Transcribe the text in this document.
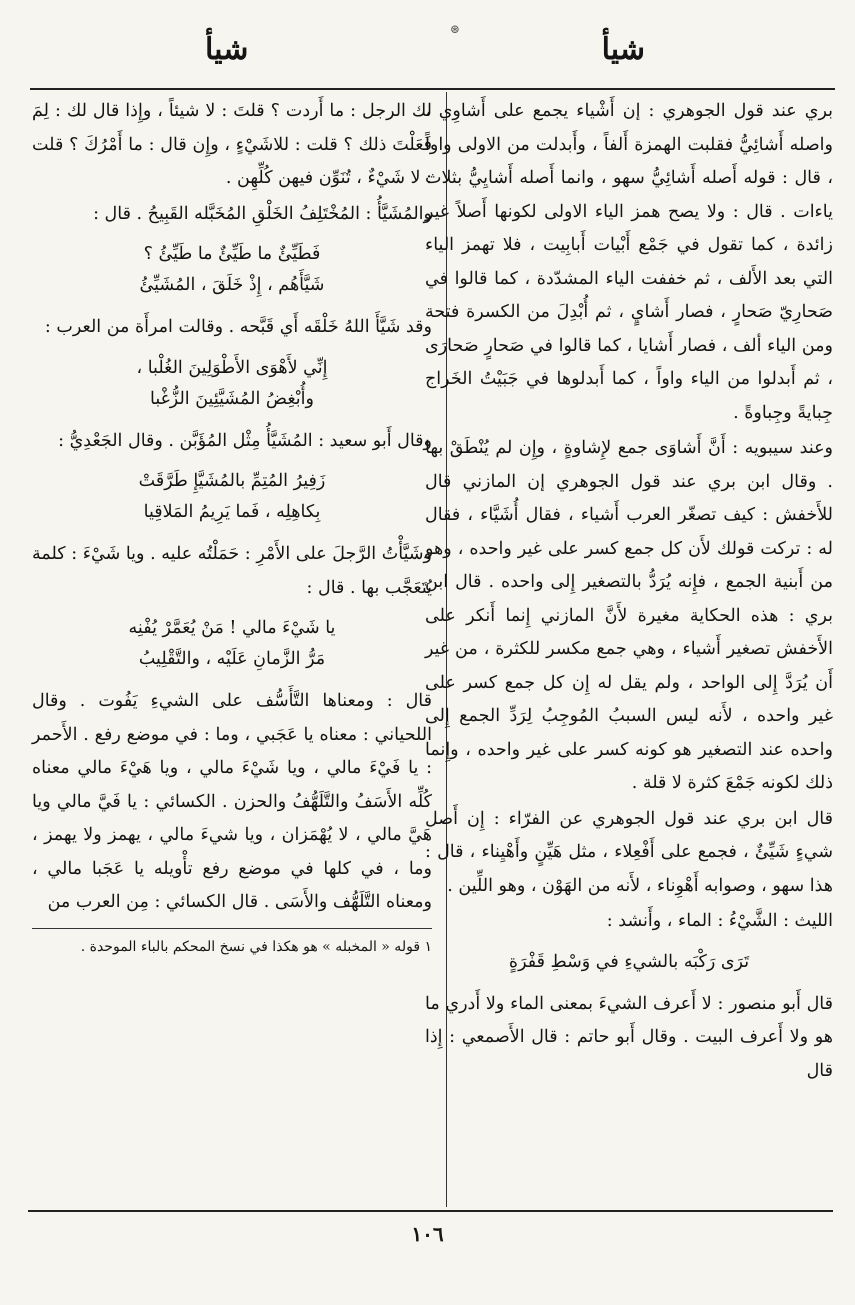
شيأ
⊛
شيأ

بري عند قول الجوهري : إن أَشْياء يجمع على أَشاوِي ، واصله أَشائِيُّ فقلبت الهمزة أَلفاً ، وأَبدلت من الاولى واواً ، قال : قوله أَصله أَشائِيُّ سهو ، وانما أَصله أَشايِيُّ بثلاث ياءات . قال : ولا يصح همز الياء الاولى لكونها أَصلاً غير زائدة ، كما تقول في جَمْع أَبْيات أَبابِيت ، فلا تهمز الياء التي بعد الأَلف ، ثم خففت الياء المشدّدة ، كما قالوا في صَحارِيّ صَحارٍ ، فصار أَشايٍ ، ثم أُبْدِلَ من الكسرة فتحة ومن الياء ألف ، فصار أَشايا ، كما قالوا في صَحارٍ صَحارَى ، ثم أَبدلوا من الياء واواً ، كما أَبدلوها في جَبَيْتُ الخَراج جِبايةً وجِباوةً .

وعند سيبويه : أَنَّ أَشاوَى جمع لإِشاوةٍ ، وإِن لم يُنْطَقْ بها . وقال ابن بري عند قول الجوهري إن المازني قال للأَخفش : كيف تصغّر العرب أَشياء ، فقال أُشَيَّاء ، فقال له : تركت قولك لأَن كل جمع كسر على غير واحده ، وهو من أَبنية الجمع ، فإِنه يُرَدُّ بالتصغير إِلى واحده . قال ابن بري : هذه الحكاية مغيرة لأَنَّ المازني إِنما أَنكر على الأَخفش تصغير أَشياء ، وهي جمع مكسر للكثرة ، من غير أَن يُرَدَّ إِلى الواحد ، ولم يقل له إِن كل جمع كسر على غير واحده ، لأَنه ليس السببُ المُوجِبُ لِرَدِّ الجمع إِلى واحده عند التصغير هو كونه كسر على غير واحده ، وإِنما ذلك لكونه جَمْعَ كثرة لا قلة .

قال ابن بري عند قول الجوهري عن الفرّاء : إِن أَصل شيءٍ شَيِّئٌ ، فجمع على أَفْعِلاء ، مثل هَيِّنٍ وأَهْيِناء ، قال : هذا سهو ، وصوابه أَهْوِناء ، لأَنه من الهَوْن ، وهو اللِّين .

الليث : الشَّيْءُ : الماء ، وأَنشد :

تَرَى رَكْبَه بالشيءِ في وَسْطِ قَفْرَةٍ

قال أَبو منصور : لا أَعرف الشيءَ بمعنى الماء ولا أَدري ما هو ولا أَعرف البيت . وقال أَبو حاتم : قال الأَصمعي : إِذا قال

لك الرجل : ما أَردت ؟ قلتَ : لا شيئاً ، وإِذا قال لك : لِمَ فَعَلْتَ ذلك ؟ قلت : للاشَيْءٍ ، وإِن قال : ما أَمْرُكَ ؟ قلت : لا شَيْءٌ ، تُنَوِّن فيهن كُلِّهِن .

والمُشَيَّأُ : المُخْتَلِفُ الخَلْقِ المُخَبَّله القَبِيحُ . قال :

فَطَيِّئٌ ما طَيِّئٌ ما طَيِّئُ ؟
شَيَّأَهُم ، إِذْ خَلَقَ ، المُشَيِّئُ

وقد شَيَّأَ اللهُ خَلْقَه أَي قَبَّحه . وقالت امرأَة من العرب :

إِنِّي لأَهْوَى الأَطْوَلِينَ الغُلْبا ،
وأُبْغِضُ المُشَيَّئِينَ الزُّغْبا

وقال أَبو سعيد : المُشَيَّأُ مِثْل المُؤَبَّن . وقال الجَعْدِيُّ :

زَفِيرُ المُتِمِّ بالمُشَيَّإِ طَرَّقَتْ
بِكاهِلِه ، فَما يَرِيمُ المَلاقِيا

وشَيَّأْتُ الرَّجلَ على الأَمْرِ : حَمَلْتُه عليه . ويا شَيْءَ : كلمة يُتَعَجَّب بها . قال :

يا شَيْءَ مالي ! مَنْ يُعَمَّرْ يُفْنِه
مَرُّ الزَّمانِ عَلَيْه ، والتَّقْلِيبُ

قال : ومعناها التَّأَسُّف على الشيءِ يَفُوت . وقال اللحياني : معناه يا عَجَبي ، وما : في موضع رفع . الأَحمر : يا فَيْءَ مالي ، ويا شَيْءَ مالي ، ويا هَيْءَ مالي معناه كُلِّه الأَسَفُ والتَّلَهُّفُ والحزن . الكسائي : يا فَيَّ مالي ويا هَيَّ مالي ، لا يُهْمَزان ، ويا شيءَ مالي ، يهمز ولا يهمز ، وما ، في كلها في موضع رفع تأْويله يا عَجَبا مالي ، ومعناه التَّلَهُّف والأَسَى . قال الكسائي : مِن العرب من

١ قوله « المخبله » هو هكذا في نسخ المحكم بالباء الموحدة .
١٠٦
